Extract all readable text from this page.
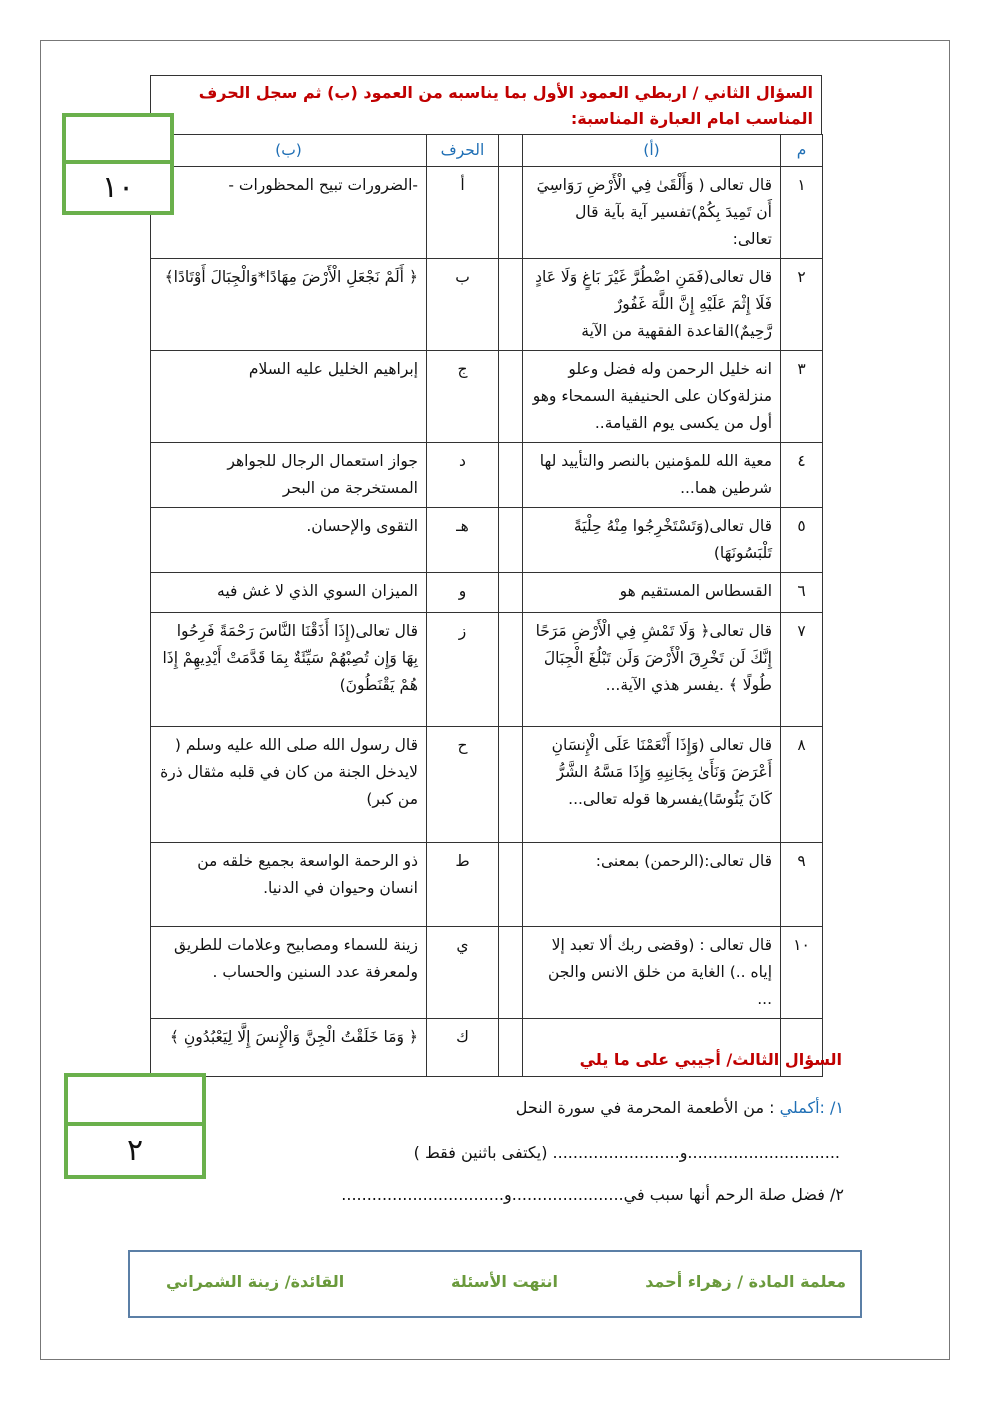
السؤال الثاني / اربطي العمود الأول بما يناسبه من العمود (ب) ثم سجل الحرف المناسب امام العبارة المناسبة:
م	(أ)		الحرف	(ب)
١	قال تعالى ( وَأَلْقَىٰ فِي الْأَرْضِ رَوَاسِيَ أَن تَمِيدَ بِكُمْ)تفسير آية بآية قال تعالى:		أ	-الضرورات تبيح المحظورات -
٢	قال تعالى(فَمَنِ اضْطُرَّ غَيْرَ بَاغٍ وَلَا عَادٍ فَلَا إِثْمَ عَلَيْهِ إِنَّ اللَّهَ غَفُورٌ رَّحِيمٌ)القاعدة الفقهية من الآية		ب	﴿ أَلَمْ نَجْعَلِ الْأَرْضَ مِهَادًا*وَالْجِبَالَ أَوْتَادًا﴾
٣	انه خليل الرحمن وله فضل وعلو منزلةوكان على الحنيفية السمحاء وهو أول من يكسى يوم القيامة..		ج	إبراهيم الخليل عليه السلام
٤	معية الله للمؤمنين بالنصر والتأييد لها شرطين هما...		د	جواز استعمال الرجال للجواهر المستخرجة من البحر
٥	قال تعالى(وَتَسْتَخْرِجُوا مِنْهُ حِلْيَةً تَلْبَسُونَهَا)		هـ	التقوى والإحسان.
٦	القسطاس المستقيم هو		و	الميزان السوي الذي لا غش فيه
٧	قال تعالى﴿ وَلَا تَمْشِ فِي الْأَرْضِ مَرَحًا إِنَّكَ لَن تَخْرِقَ الْأَرْضَ وَلَن تَبْلُغَ الْجِبَالَ طُولًا ﴾ .يفسر هذي الآية...		ز	قال تعالى(إِذَا أَذَقْنَا النَّاسَ رَحْمَةً فَرِحُوا بِهَا وَإِن تُصِبْهُمْ سَيِّئَةٌ بِمَا قَدَّمَتْ أَيْدِيهِمْ إِذَا هُمْ يَقْنَطُونَ)
٨	قال تعالى (وَإِذَا أَنْعَمْنَا عَلَى الْإِنسَانِ أَعْرَضَ وَنَأَىٰ بِجَانِبِهِ وَإِذَا مَسَّهُ الشَّرُّ كَانَ يَئُوسًا)يفسرها قوله تعالى...		ح	قال رسول الله صلى الله عليه وسلم ( لايدخل الجنة من كان في قلبه مثقال ذرة من كبر)
٩	قال تعالى:(الرحمن) بمعنى:		ط	ذو الرحمة الواسعة بجميع خلقه من انسان وحيوان في الدنيا.
١٠	قال تعالى : (وقضى ربك ألا تعبد إلا إياه ..) الغاية من خلق الانس والجن ...		ي	زينة للسماء ومصابيح وعلامات للطريق ولمعرفة عدد السنين والحساب .
			ك	﴿ وَمَا خَلَقْتُ الْجِنَّ وَالْإِنسَ إِلَّا لِيَعْبُدُونِ ﴾
١٠
السؤال الثالث/ أجيبي على ما يلي
٢
١/ :أكملي : من الأطعمة المحرمة في سورة النحل
..............................و......................... (يكتفى باثنين فقط )
٢/ فضل صلة الرحم أنها سبب في......................و................................
معلمة المادة / زهراء أحمد
انتهت الأسئلة
القائدة/ زينة الشمراني
